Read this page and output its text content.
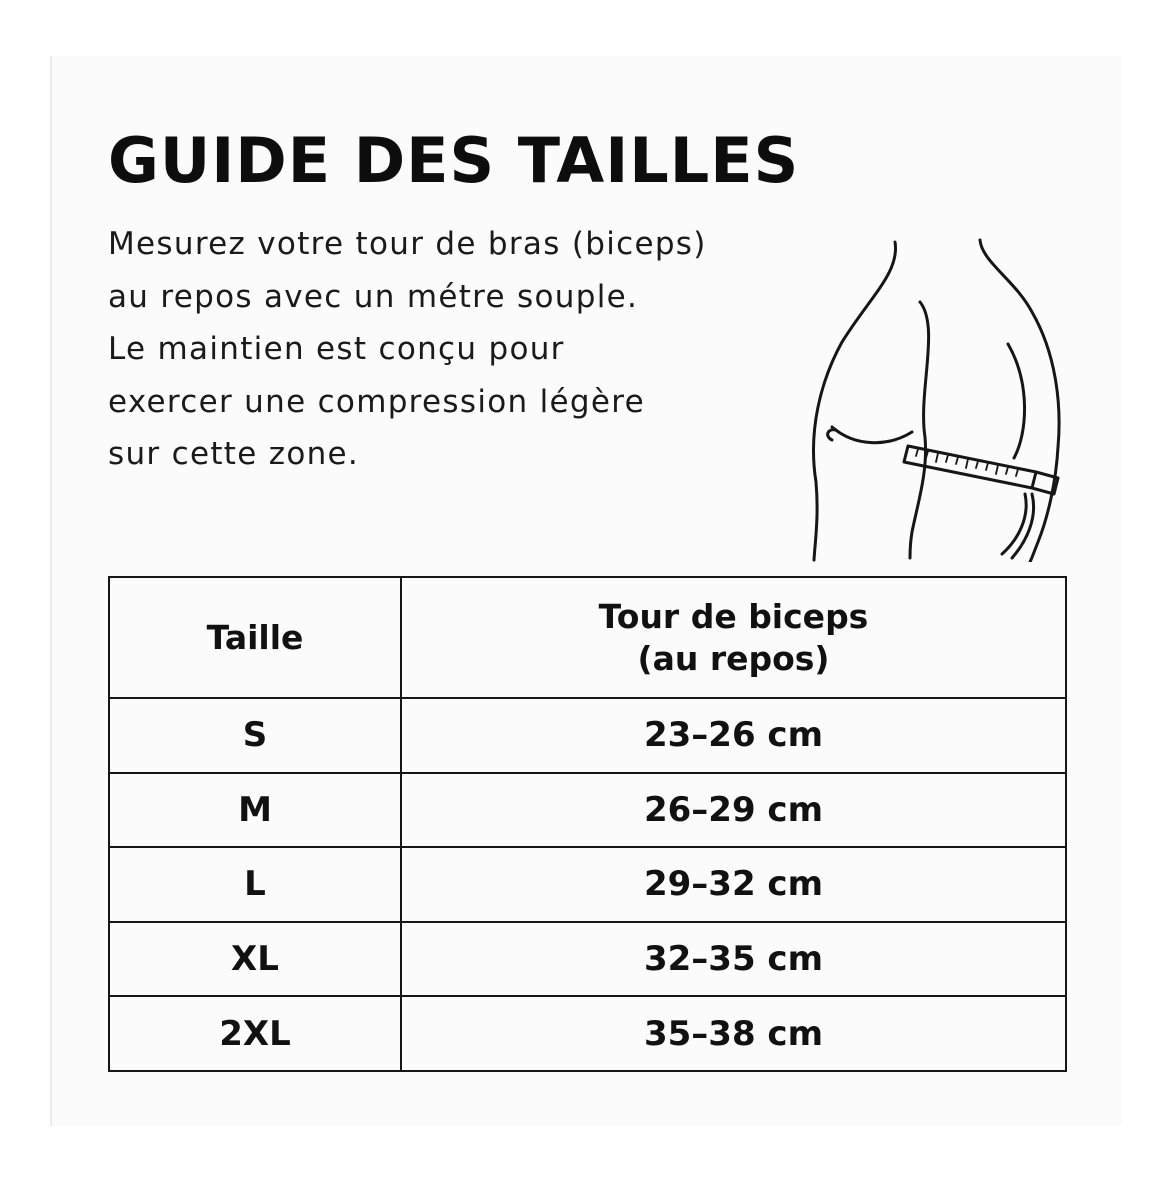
GUIDE DES TAILLES

Mesurez votre tour de bras (biceps)
au repos avec un métre souple.
Le maintien est conçu pour
exercer une compression légère
sur cette zone.

Taille	Tour de biceps
(au repos)

S	23–26 cm
M	26–29 cm
L	29–32 cm
XL	32–35 cm
2XL	35–38 cm
